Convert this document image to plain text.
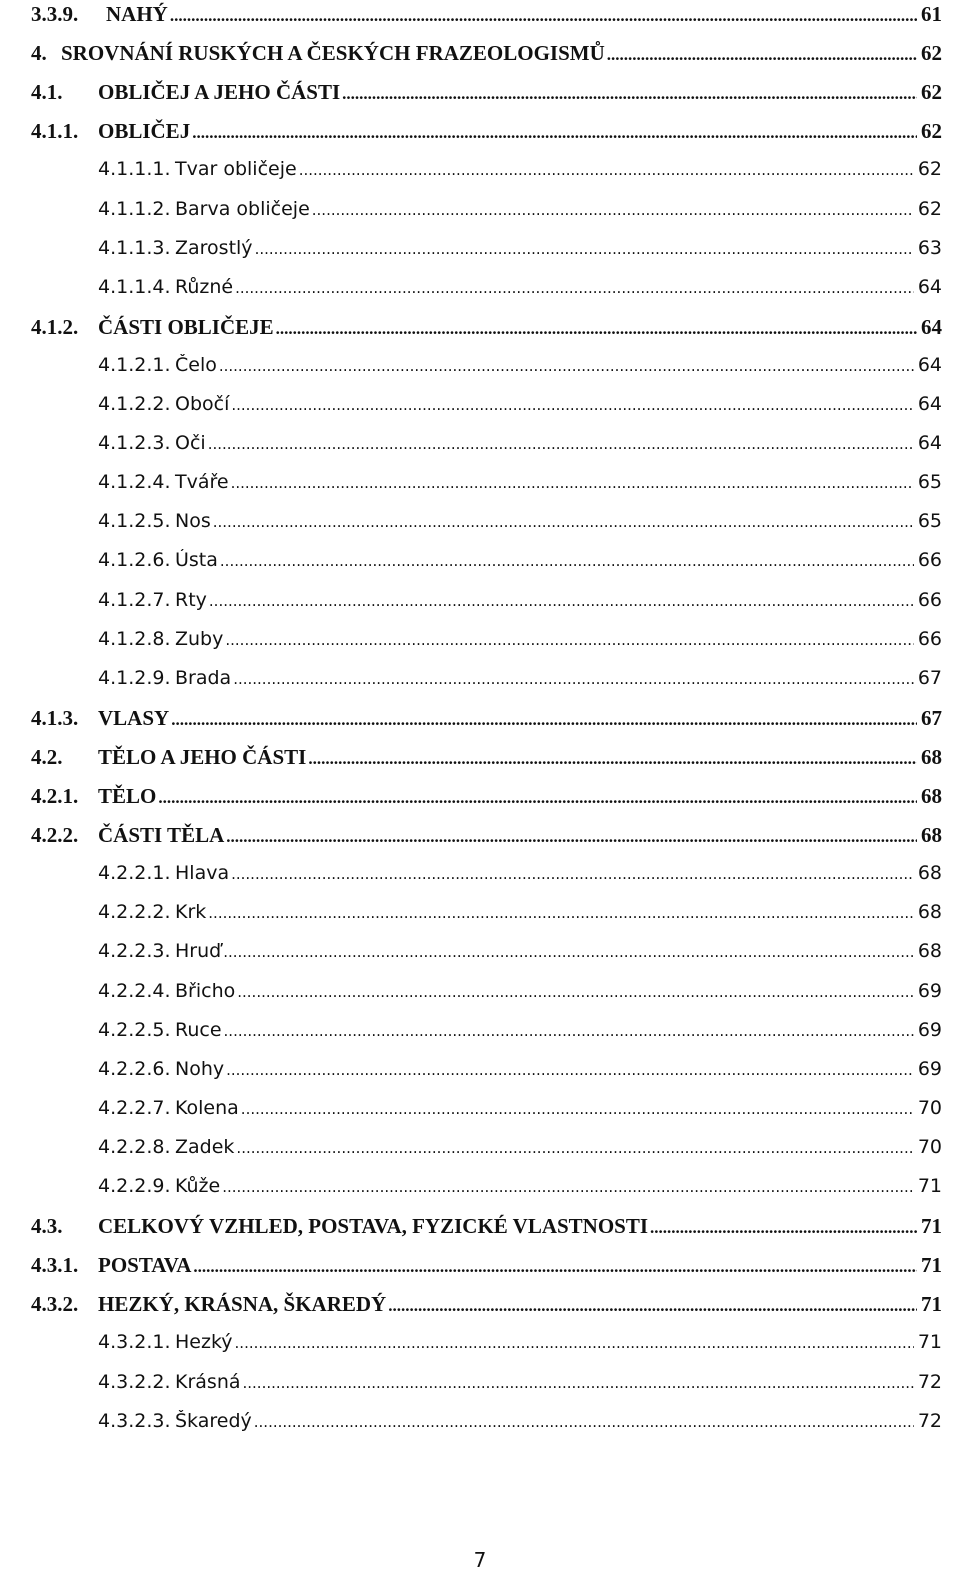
3.3.9.	NAHÝ .....	61
4. SROVNÁNÍ RUSKÝCH A ČESKÝCH FRAZEOLOGISMŮ .....	62
4.1.	OBLIČEJ A JEHO ČÁSTI .....	62
4.1.1. OBLIČEJ .....	62
4.1.1.1. Tvar obličeje .....	62
4.1.1.2. Barva obličeje .....	62
4.1.1.3. Zarostlý .....	63
4.1.1.4. Různé .....	64
4.1.2. ČÁSTI OBLIČEJE .....	64
4.1.2.1. Čelo .....	64
4.1.2.2. Obočí .....	64
4.1.2.3. Oči .....	64
4.1.2.4. Tváře .....	65
4.1.2.5. Nos .....	65
4.1.2.6. Ústa .....	66
4.1.2.7. Rty .....	66
4.1.2.8. Zuby .....	66
4.1.2.9. Brada .....	67
4.1.3. VLASY .....	67
4.2.	TĚLO A JEHO ČÁSTI .....	68
4.2.1. TĚLO .....	68
4.2.2. ČÁSTI TĚLA .....	68
4.2.2.1. Hlava .....	68
4.2.2.2. Krk .....	68
4.2.2.3. Hruď .....	68
4.2.2.4. Břicho .....	69
4.2.2.5. Ruce .....	69
4.2.2.6. Nohy .....	69
4.2.2.7. Kolena .....	70
4.2.2.8. Zadek .....	70
4.2.2.9. Kůže .....	71
4.3.	CELKOVÝ VZHLED, POSTAVA, FYZICKÉ VLASTNOSTI .....	71
4.3.1. POSTAVA .....	71
4.3.2. HEZKÝ, KRÁSNA, ŠKAREDÝ .....	71
4.3.2.1. Hezký .....	71
4.3.2.2. Krásná .....	72
4.3.2.3. Škaredý .....	72
7
